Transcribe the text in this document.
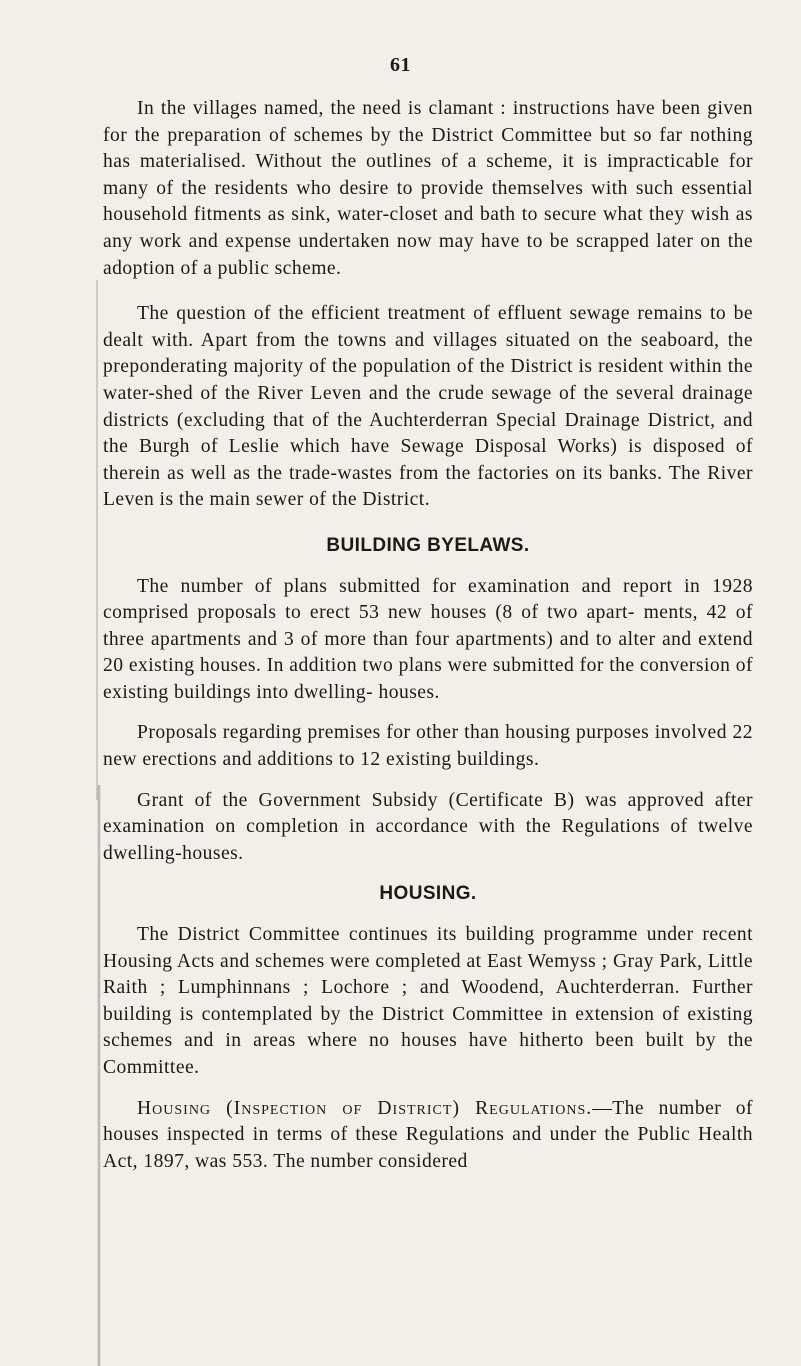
61

In the villages named, the need is clamant : instructions have been given for the preparation of schemes by the District Committee but so far nothing has materialised. Without the outlines of a scheme, it is impracticable for many of the residents who desire to provide themselves with such essential household fitments as sink, water-closet and bath to secure what they wish as any work and expense undertaken now may have to be scrapped later on the adoption of a public scheme.

The question of the efficient treatment of effluent sewage remains to be dealt with. Apart from the towns and villages situated on the seaboard, the preponderating majority of the population of the District is resident within the water-shed of the River Leven and the crude sewage of the several drainage districts (excluding that of the Auchterderran Special Drainage District, and the Burgh of Leslie which have Sewage Disposal Works) is disposed of therein as well as the trade-wastes from the factories on its banks. The River Leven is the main sewer of the District.

BUILDING BYELAWS.

The number of plans submitted for examination and report in 1928 comprised proposals to erect 53 new houses (8 of two apart- ments, 42 of three apartments and 3 of more than four apartments) and to alter and extend 20 existing houses. In addition two plans were submitted for the conversion of existing buildings into dwelling- houses.

Proposals regarding premises for other than housing purposes involved 22 new erections and additions to 12 existing buildings.

Grant of the Government Subsidy (Certificate B) was approved after examination on completion in accordance with the Regulations of twelve dwelling-houses.

HOUSING.

The District Committee continues its building programme under recent Housing Acts and schemes were completed at East Wemyss ; Gray Park, Little Raith ; Lumphinnans ; Lochore ; and Woodend, Auchterderran. Further building is contemplated by the District Committee in extension of existing schemes and in areas where no houses have hitherto been built by the Committee.

Housing (Inspection of District) Regulations.—The number of houses inspected in terms of these Regulations and under the Public Health Act, 1897, was 553. The number considered
